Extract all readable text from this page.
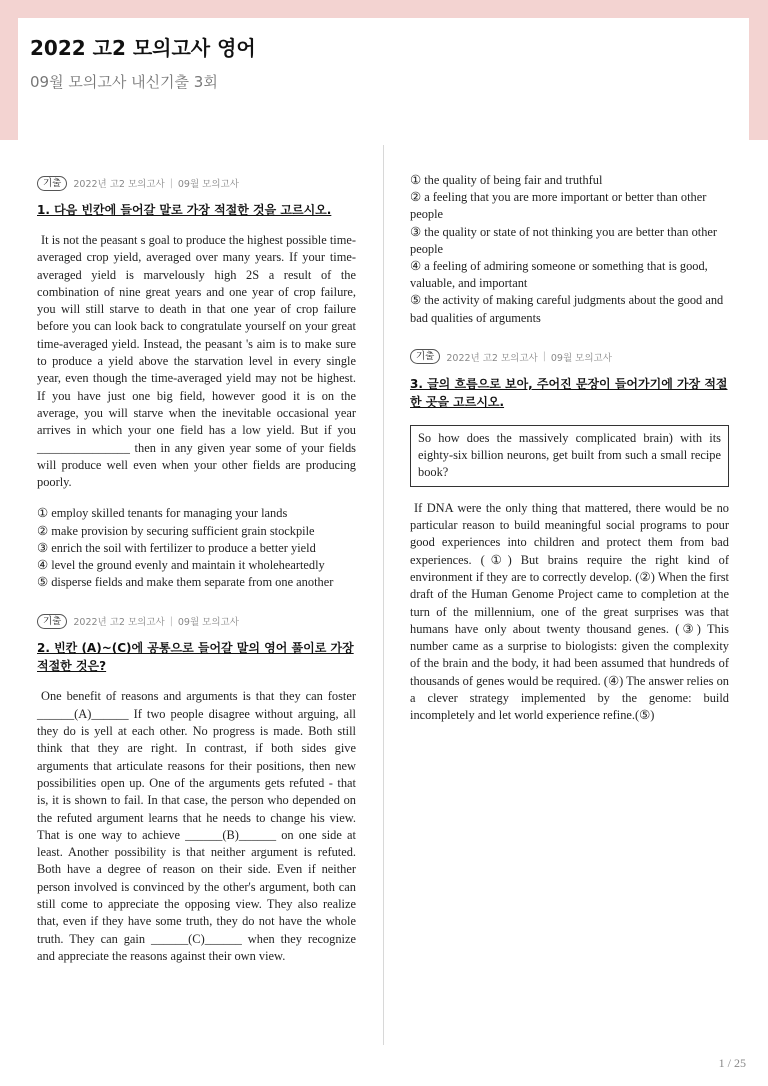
2022 고2 모의고사 영어
09월 모의고사 내신기출 3회
기출	2022년 고2 모의고사 | 09월 모의고사
1. 다음 빈칸에 들어갈 말로 가장 적절한 것을 고르시오.
It is not the peasant s goal to produce the highest possible time-averaged crop yield, averaged over many years. If your time-averaged yield is marvelously high 2S a result of the combination of nine great years and one year of crop failure, you will still starve to death in that one year of crop failure before you can look back to congratulate yourself on your great time-averaged yield. Instead, the peasant 's aim is to make sure to produce a yield above the starvation level in every single year, even though the time-averaged yield may not be highest. If you have just one big field, however good it is on the average, you will starve when the inevitable occasional year arrives in which your one field has a low yield. But if you _______________ then in any given year some of your fields will produce well even when your other fields are producing poorly.
① employ skilled tenants for managing your lands
② make provision by securing sufficient grain stockpile
③ enrich the soil with fertilizer to produce a better yield
④ level the ground evenly and maintain it wholeheartedly
⑤ disperse fields and make them separate from one another
기출	2022년 고2 모의고사 | 09월 모의고사
2. 빈칸 (A)~(C)에 공통으로 들어갈 말의 영어 풀이로 가장 적절한 것은?
One benefit of reasons and arguments is that they can foster ______(A)______ If two people disagree without arguing, all they do is yell at each other. No progress is made. Both still think that they are right. In contrast, if both sides give arguments that articulate reasons for their positions, then new possibilities open up. One of the arguments gets refuted - that is, it is shown to fail. In that case, the person who depended on the refuted argument learns that he needs to change his view. That is one way to achieve ______(B)______ on one side at least. Another possibility is that neither argument is refuted. Both have a degree of reason on their side. Even if neither person involved is convinced by the other's argument, both can still come to appreciate the opposing view. They also realize that, even if they have some truth, they do not have the whole truth. They can gain ______(C)______ when they recognize and appreciate the reasons against their own view.
① the quality of being fair and truthful
② a feeling that you are more important or better than other people
③ the quality or state of not thinking you are better than other people
④ a feeling of admiring someone or something that is good, valuable, and important
⑤ the activity of making careful judgments about the good and bad qualities of arguments
기출	2022년 고2 모의고사 | 09월 모의고사
3. 글의 흐름으로 보아, 주어진 문장이 들어가기에 가장 적절한 곳을 고르시오.
So how does the massively complicated brain) with its eighty-six billion neurons, get built from such a small recipe book?
If DNA were the only thing that mattered, there would be no particular reason to build meaningful social programs to pour good experiences into children and protect them from bad experiences. (①) But brains require the right kind of environment if they are to correctly develop. (②) When the first draft of the Human Genome Project came to completion at the turn of the millennium, one of the great surprises was that humans have only about twenty thousand genes. (③) This number came as a surprise to biologists: given the complexity of the brain and the body, it had been assumed that hundreds of thousands of genes would be required. (④) The answer relies on a clever strategy implemented by the genome: build incompletely and let world experience refine.(⑤)
1 / 25
